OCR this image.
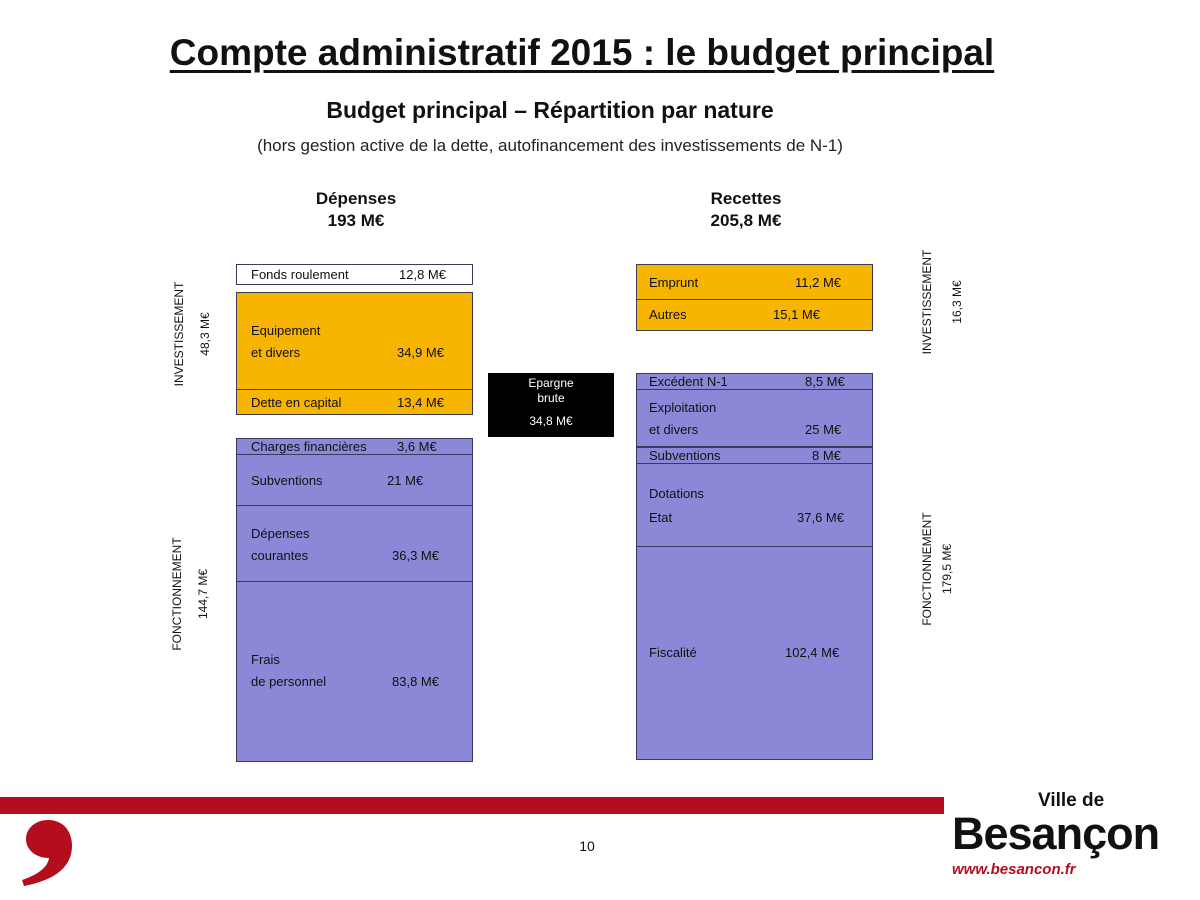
Compte administratif 2015 : le budget principal
Budget principal – Répartition par nature
(hors gestion active de la dette, autofinancement des investissements de N-1)
Dépenses
193 M€
Recettes
205,8 M€
INVESTISSEMENT 48,3 M€
FONCTIONNEMENT 144,7 M€
Fonds roulement	12,8 M€
Equipement
et divers	34,9 M€
Dette en capital	13,4 M€
Charges financières 3,6 M€
Subventions	21 M€
Dépenses
courantes	36,3 M€
Frais
de personnel	83,8 M€
Epargne
brute
34,8 M€
Emprunt	11,2 M€
Autres	15,1 M€
Excédent N-1	8,5 M€
Exploitation
et divers	25 M€
Subventions	8 M€
Dotations
Etat	37,6 M€
Fiscalité	102,4 M€
INVESTISSEMENT 16,3 M€
FONCTIONNEMENT 179,5 M€
10
Ville de
Besançon
www.besancon.fr
